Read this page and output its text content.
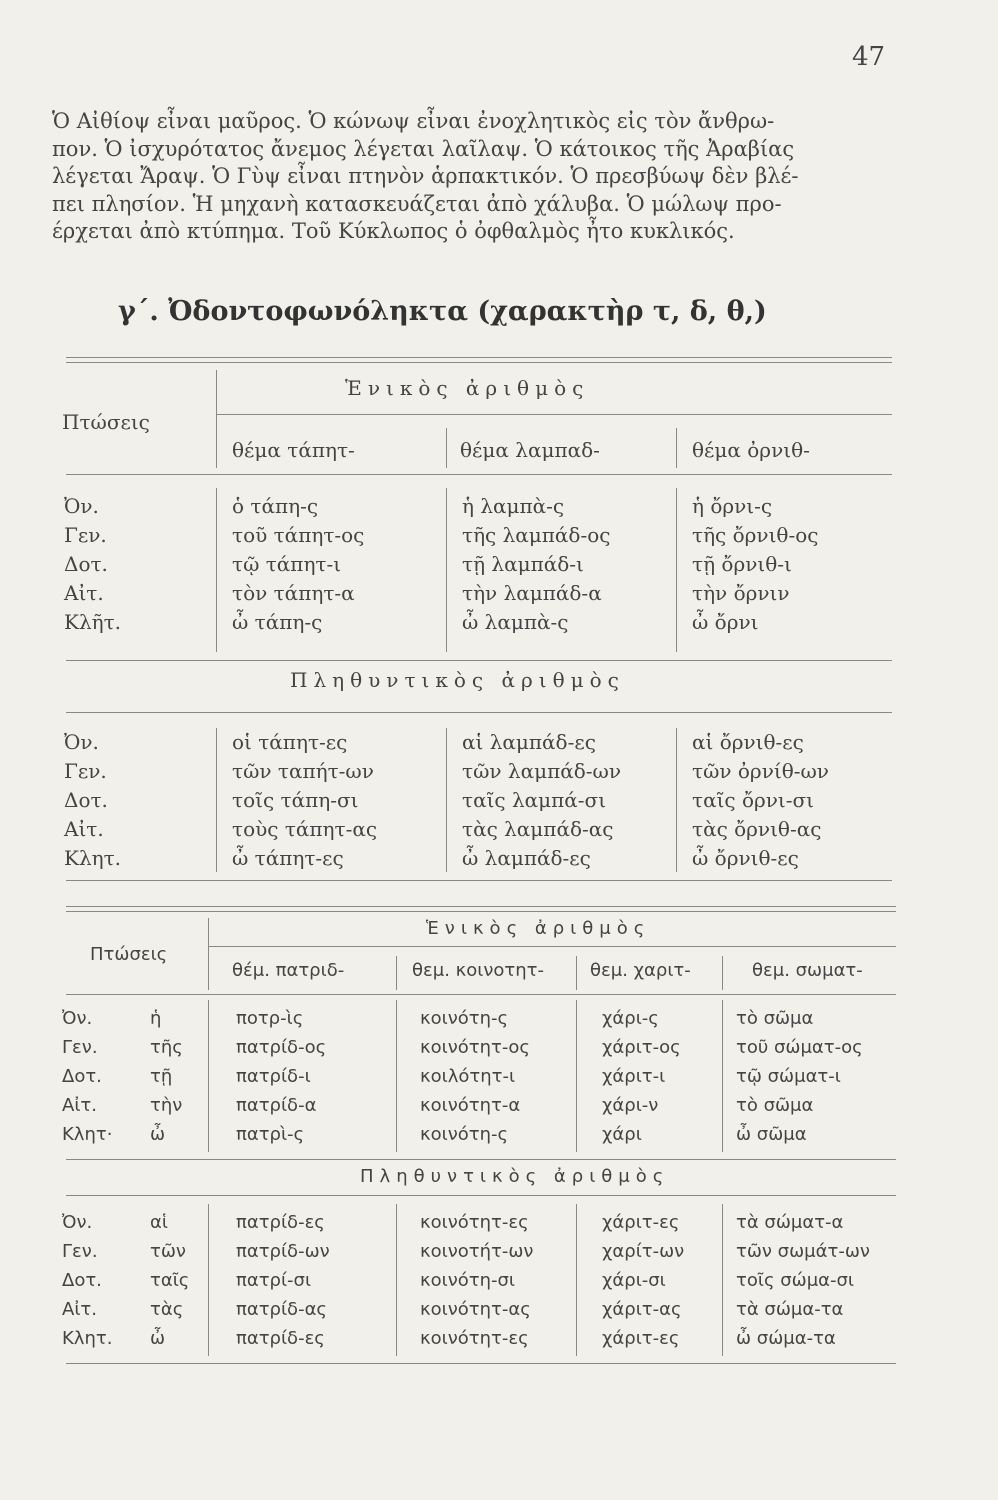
47
Ὁ Αἰθίοψ εἶναι μαῦρος. Ὁ κώνωψ εἶναι ἐνοχλητικὸς εἰς τὸν ἄνθρω-
πον. Ὁ ἰσχυρότατος ἄνεμος λέγεται λαῖλαψ. Ὁ κάτοικος τῆς Ἀραβίας
λέγεται Ἄραψ. Ὁ Γὺψ εἶναι πτηνὸν ἁρπακτικόν. Ὁ πρεσβύωψ δὲν βλέ-
πει πλησίον. Ἡ μηχανὴ κατασκευάζεται ἀπὸ χάλυβα. Ὁ μώλωψ προ-
έρχεται ἀπὸ κτύπημα. Τοῦ Κύκλωπος ὁ ὀφθαλμὸς ἦτο κυκλικός.
γ΄. Ὀδοντοφωνόληκτα (χαρακτὴρ τ, δ, θ,)
Πτώσεις
Ἑνικὸς ἀριθμὸς
θέμα τάπητ-	θέμα λαμπαδ-	θέμα ὀρνιθ-
Ὀν.	ὁ τάπη-ς	ἡ λαμπὰ-ς	ἡ ὄρνι-ς
Γεν.	τοῦ τάπητ-ος	τῆς λαμπάδ-ος	τῆς ὄρνιθ-ος
Δοτ.	τῷ τάπητ-ι	τῇ λαμπάδ-ι	τῇ ὄρνιθ-ι
Αἰτ.	τὸν τάπητ-α	τὴν λαμπάδ-α	τὴν ὄρνιν
Κλῆτ.	ὦ τάπη-ς	ὦ λαμπὰ-ς	ὦ ὄρνι
Πληθυντικὸς ἀριθμὸς
Ὀν.	οἱ τάπητ-ες	αἱ λαμπάδ-ες	αἱ ὄρνιθ-ες
Γεν.	τῶν ταπήτ-ων	τῶν λαμπάδ-ων	τῶν ὀρνίθ-ων
Δοτ.	τοῖς τάπη-σι	ταῖς λαμπά-σι	ταῖς ὄρνι-σι
Αἰτ.	τοὺς τάπητ-ας	τὰς λαμπάδ-ας	τὰς ὄρνιθ-ας
Κλητ.	ὦ τάπητ-ες	ὦ λαμπάδ-ες	ὦ ὄρνιθ-ες
Πτώσεις
Ἑνικὸς ἀριθμὸς
θέμ. πατριδ-	θεμ. κοινοτητ-	θεμ. χαριτ-	θεμ. σωματ-
Ὀν.	ἡ	ποτρ-ὶς	κοινότη-ς	χάρι-ς	τὸ σῶμα
Γεν.	τῆς	πατρίδ-ος	κοινότητ-ος	χάριτ-ος	τοῦ σώματ-ος
Δοτ.	τῇ	πατρίδ-ι	κοιλότητ-ι	χάριτ-ι	τῷ σώματ-ι
Αἰτ.	τὴν	πατρίδ-α	κοινότητ-α	χάρι-ν	τὸ σῶμα
Κλητ· ὦ	πατρὶ-ς	κοινότη-ς	χάρι	ὦ σῶμα
Πληθυντικὸς ἀριθμὸς
Ὀν.	αἱ	πατρίδ-ες	κοινότητ-ες	χάριτ-ες	τὰ σώματ-α
Γεν.	τῶν	πατρίδ-ων	κοινοτήτ-ων	χαρίτ-ων	τῶν σωμάτ-ων
Δοτ.	ταῖς	πατρί-σι	κοινότη-σι	χάρι-σι	τοῖς σώμα-σι
Αἰτ.	τὰς	πατρίδ-ας	κοινότητ-ας	χάριτ-ας	τὰ σώμα-τα
Κλητ. ὦ	πατρίδ-ες	κοινότητ-ες	χάριτ-ες	ὦ σώμα-τα
